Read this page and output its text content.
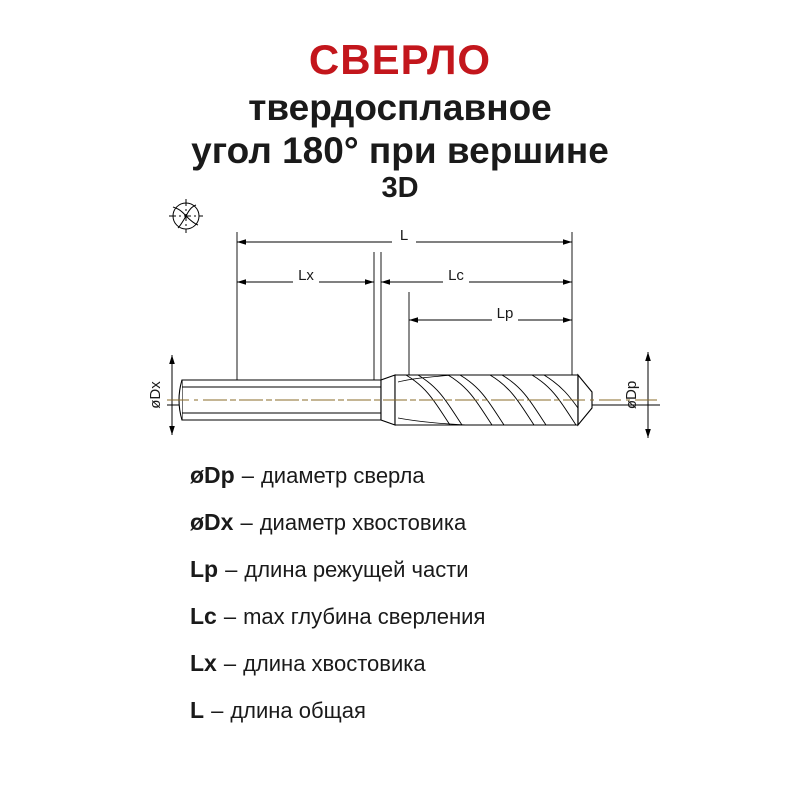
СВЕРЛО
твердосплавное
угол 180° при вершине
3D
L
Lx	Lc
Lp
øDx	øDp
øDp – диаметр сверла
øDx – диаметр хвостовика
Lp – длина режущей части
Lc – max глубина сверления
Lx – длина хвостовика
L – длина общая
